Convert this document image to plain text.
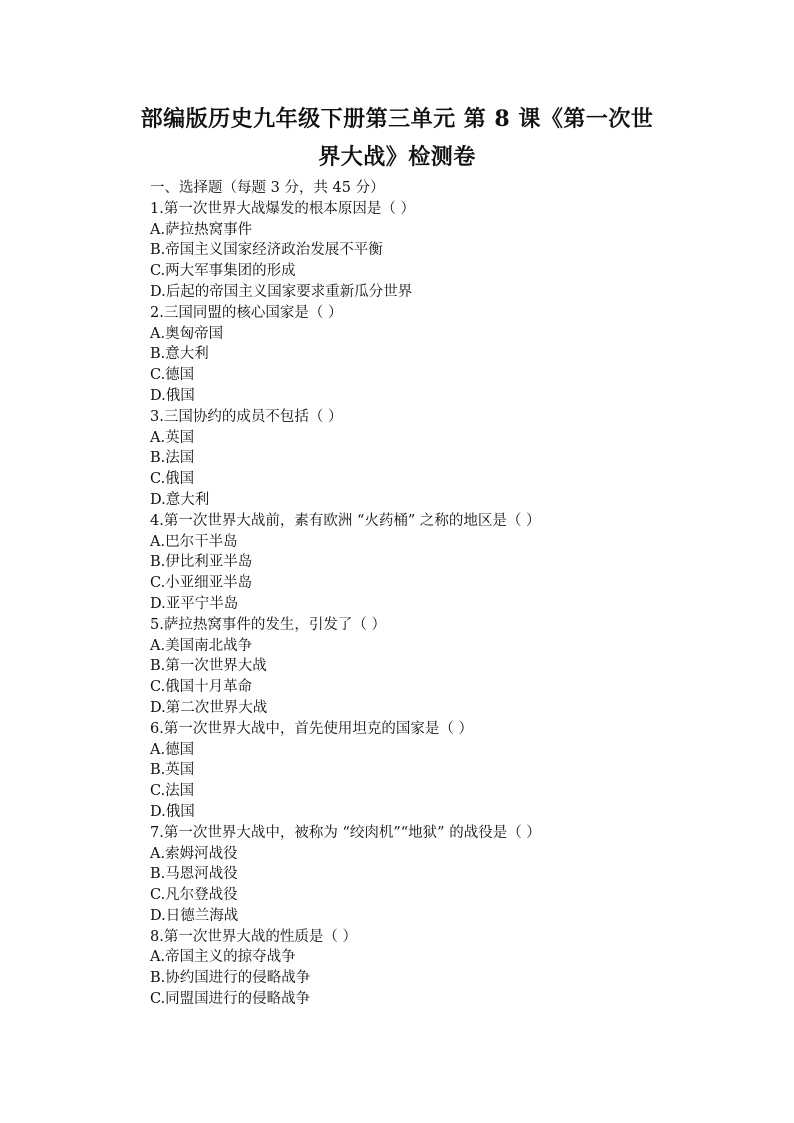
部编版历史九年级下册第三单元 第 8 课《第一次世
界大战》检测卷
一、选择题（每题 3 分，共 45 分）
1.第一次世界大战爆发的根本原因是（ ）
A.萨拉热窝事件
B.帝国主义国家经济政治发展不平衡
C.两大军事集团的形成
D.后起的帝国主义国家要求重新瓜分世界
2.三国同盟的核心国家是（ ）
A.奥匈帝国
B.意大利
C.德国
D.俄国
3.三国协约的成员不包括（ ）
A.英国
B.法国
C.俄国
D.意大利
4.第一次世界大战前，素有欧洲 “火药桶” 之称的地区是（ ）
A.巴尔干半岛
B.伊比利亚半岛
C.小亚细亚半岛
D.亚平宁半岛
5.萨拉热窝事件的发生，引发了（ ）
A.美国南北战争
B.第一次世界大战
C.俄国十月革命
D.第二次世界大战
6.第一次世界大战中，首先使用坦克的国家是（ ）
A.德国
B.英国
C.法国
D.俄国
7.第一次世界大战中，被称为 “绞肉机”“地狱” 的战役是（ ）
A.索姆河战役
B.马恩河战役
C.凡尔登战役
D.日德兰海战
8.第一次世界大战的性质是（ ）
A.帝国主义的掠夺战争
B.协约国进行的侵略战争
C.同盟国进行的侵略战争
